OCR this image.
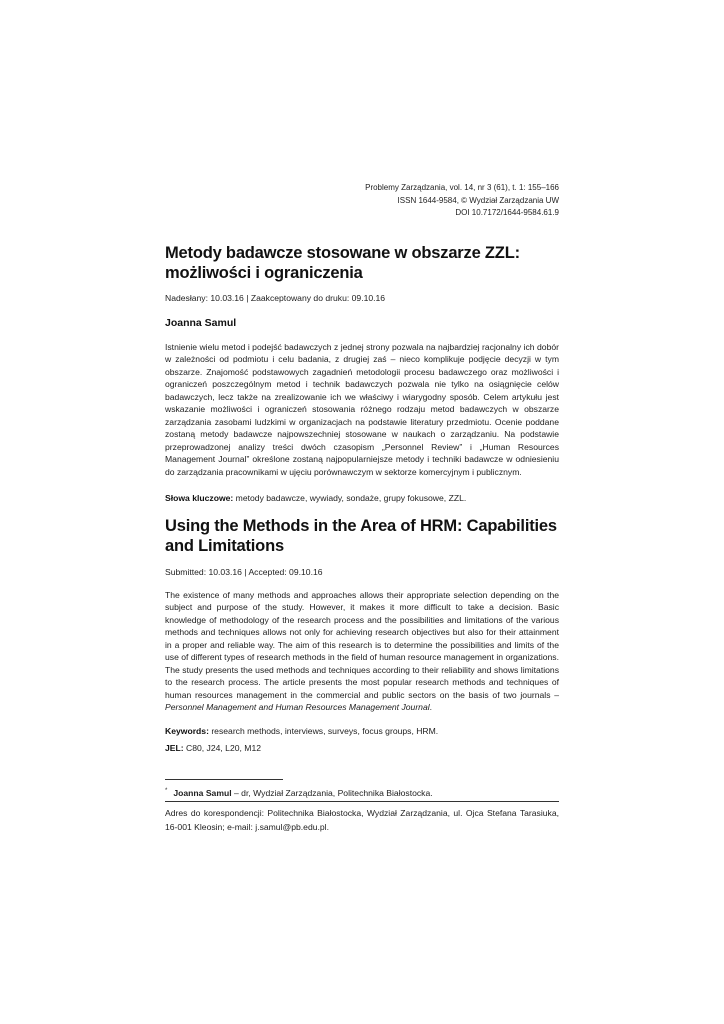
Problemy Zarządzania, vol. 14, nr 3 (61), t. 1: 155–166
ISSN 1644-9584, © Wydział Zarządzania UW
DOI 10.7172/1644-9584.61.9
Metody badawcze stosowane w obszarze ZZL:
możliwości i ograniczenia
Nadesłany: 10.03.16 | Zaakceptowany do druku: 09.10.16
Joanna Samul

Istnienie wielu metod i podejść badawczych z jednej strony pozwala na najbardziej racjonalny ich dobór w zależności od podmiotu i celu badania, z drugiej zaś – nieco komplikuje podjęcie decyzji w tym obszarze. Znajomość podstawowych zagadnień metodologii procesu badawczego oraz możliwości i ograniczeń poszczególnym metod i technik badawczych pozwala nie tylko na osiągnięcie celów badawczych, lecz także na zrealizowanie ich we właściwy i wiarygodny sposób. Celem artykułu jest wskazanie możliwości i ograniczeń stosowania różnego rodzaju metod badawczych w obszarze zarządzania zasobami ludzkimi w organizacjach na podstawie literatury przedmiotu. Ocenie poddane zostaną metody badawcze najpowszechniej stosowane w naukach o zarządzaniu. Na podstawie przeprowadzonej analizy treści dwóch czasopism „Personnel Review” i „Human Resources Management Journal” określone zostaną najpopularniejsze metody i techniki badawcze w odniesieniu do zarządzania pracownikami w ujęciu porównawczym w sektorze komercyjnym i publicznym.

Słowa kluczowe: metody badawcze, wywiady, sondaże, grupy fokusowe, ZZL.
Using the Methods in the Area of HRM: Capabilities
and Limitations
Submitted: 10.03.16 | Accepted: 09.10.16

The existence of many methods and approaches allows their appropriate selection depending on the subject and purpose of the study. However, it makes it more difficult to take a decision. Basic knowledge of methodology of the research process and the possibilities and limitations of the various methods and techniques allows not only for achieving research objectives but also for their attainment in a proper and reliable way. The aim of this research is to determine the possibilities and limits of the use of different types of research methods in the field of human resource management in organizations. The study presents the used methods and techniques according to their reliability and shows limitations to the research process. The article presents the most popular research methods and techniques of human resources management in the commercial and public sectors on the basis of two journals – Personnel Management and Human Resources Management Journal.

Keywords: research methods, interviews, surveys, focus groups, HRM.
JEL: C80, J24, L20, M12
* Joanna Samul – dr, Wydział Zarządzania, Politechnika Białostocka.
Adres do korespondencji: Politechnika Białostocka, Wydział Zarządzania, ul. Ojca Stefana Tarasiuka, 16-001 Kleosin; e-mail: j.samul@pb.edu.pl.
